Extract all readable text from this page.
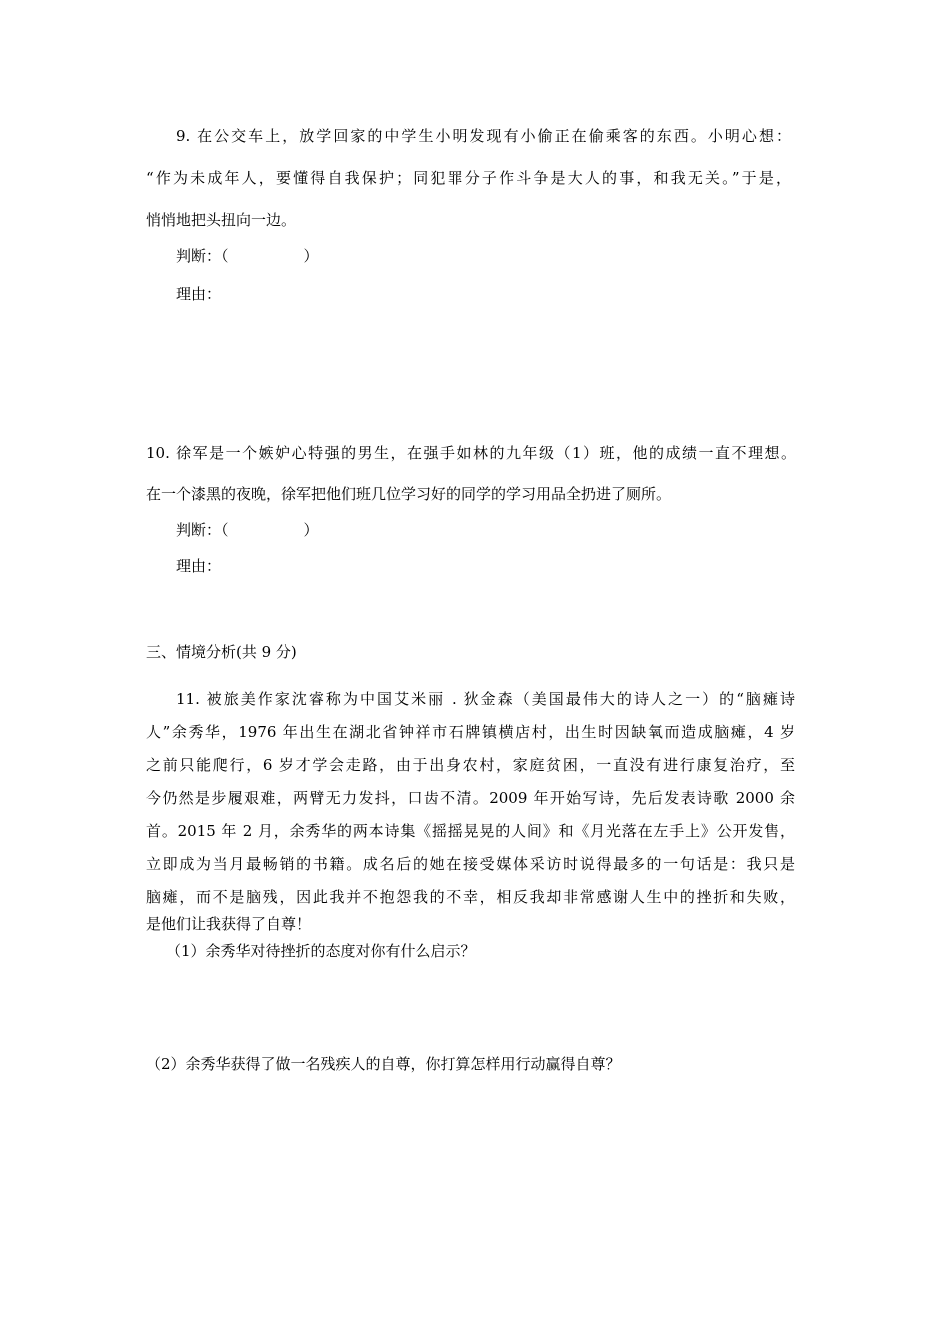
9. 在公交车上，放学回家的中学生小明发现有小偷正在偷乘客的东西。小明心想：
“作为未成年人，要懂得自我保护；同犯罪分子作斗争是大人的事，和我无关。”于是，
悄悄地把头扭向一边。
判断：（　　　　　）
理由：
10. 徐军是一个嫉妒心特强的男生，在强手如林的九年级（1）班，他的成绩一直不理想。
在一个漆黑的夜晚，徐军把他们班几位学习好的同学的学习用品全扔进了厕所。
判断：（　　　　　）
理由：
三、情境分析(共 9 分)
11. 被旅美作家沈睿称为中国艾米丽 . 狄金森（美国最伟大的诗人之一）的“脑瘫诗
人”余秀华，1976 年出生在湖北省钟祥市石牌镇横店村，出生时因缺氧而造成脑瘫，4 岁
之前只能爬行，6 岁才学会走路，由于出身农村，家庭贫困，一直没有进行康复治疗，至
今仍然是步履艰难，两臂无力发抖，口齿不清。2009 年开始写诗，先后发表诗歌 2000 余
首。2015 年 2 月，余秀华的两本诗集《摇摇晃晃的人间》和《月光落在左手上》公开发售，
立即成为当月最畅销的书籍。成名后的她在接受媒体采访时说得最多的一句话是：我只是
脑瘫，而不是脑残，因此我并不抱怨我的不幸，相反我却非常感谢人生中的挫折和失败，
是他们让我获得了自尊！
（1）余秀华对待挫折的态度对你有什么启示？
（2）余秀华获得了做一名残疾人的自尊，你打算怎样用行动赢得自尊？
